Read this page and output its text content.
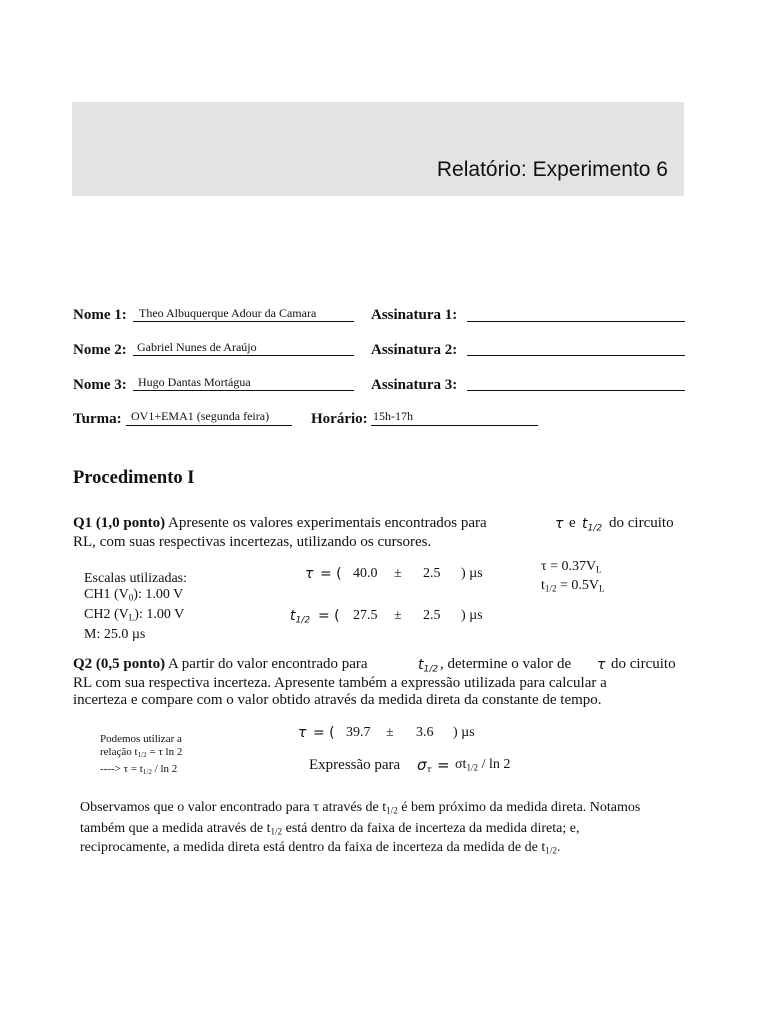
Relatório: Experimento 6
Nome 1: Theo Albuquerque Adour da Camara	Assinatura 1:
Nome 2: Gabriel Nunes de Araújo	Assinatura 2:
Nome 3: Hugo Dantas Mortágua	Assinatura 3:
Turma: OV1+EMA1 (segunda feira)	Horário: 15h-17h
Procedimento I
Q1 (1,0 ponto) Apresente os valores experimentais encontrados para	τ e $t_{1/2}$ do circuito
RL, com suas respectivas incertezas, utilizando os cursores.
Escalas utilizadas:
CH1 $(V_0)$: 1.00 V
CH2 $(V_L)$: 1.00 V
M: 25.0 µs
τ = ( 40.0 ± 2.5 ) µs
$t_{1/2}$ = ( 27.5 ± 2.5 ) µs
$\tau = 0.37V_L$
$t_{1/2} = 0.5V_L$
Q2 (0,5 ponto) A partir do valor encontrado para	$t_{1/2}$ , determine o valor de τ do circuito
RL com sua respectiva incerteza. Apresente também a expressão utilizada para calcular a
incerteza e compare com o valor obtido através da medida direta da constante de tempo.
Podemos utilizar a
relação $t_{1/2} = \tau$ ln 2
----> $\tau = t_{1/2} / \ln 2$
τ = ( 39.7 ± 3.6 ) µs
Expressão para $\sigma_\tau = \sigma t_{1/2} / \ln 2$
Observamos que o valor encontrado para τ através de $t_{1/2}$ é bem próximo da medida direta. Notamos
também que a medida através de $t_{1/2}$ está dentro da faixa de incerteza da medida direta; e,
reciprocamente, a medida direta está dentro da faixa de incerteza da medida de de $t_{1/2}$.
